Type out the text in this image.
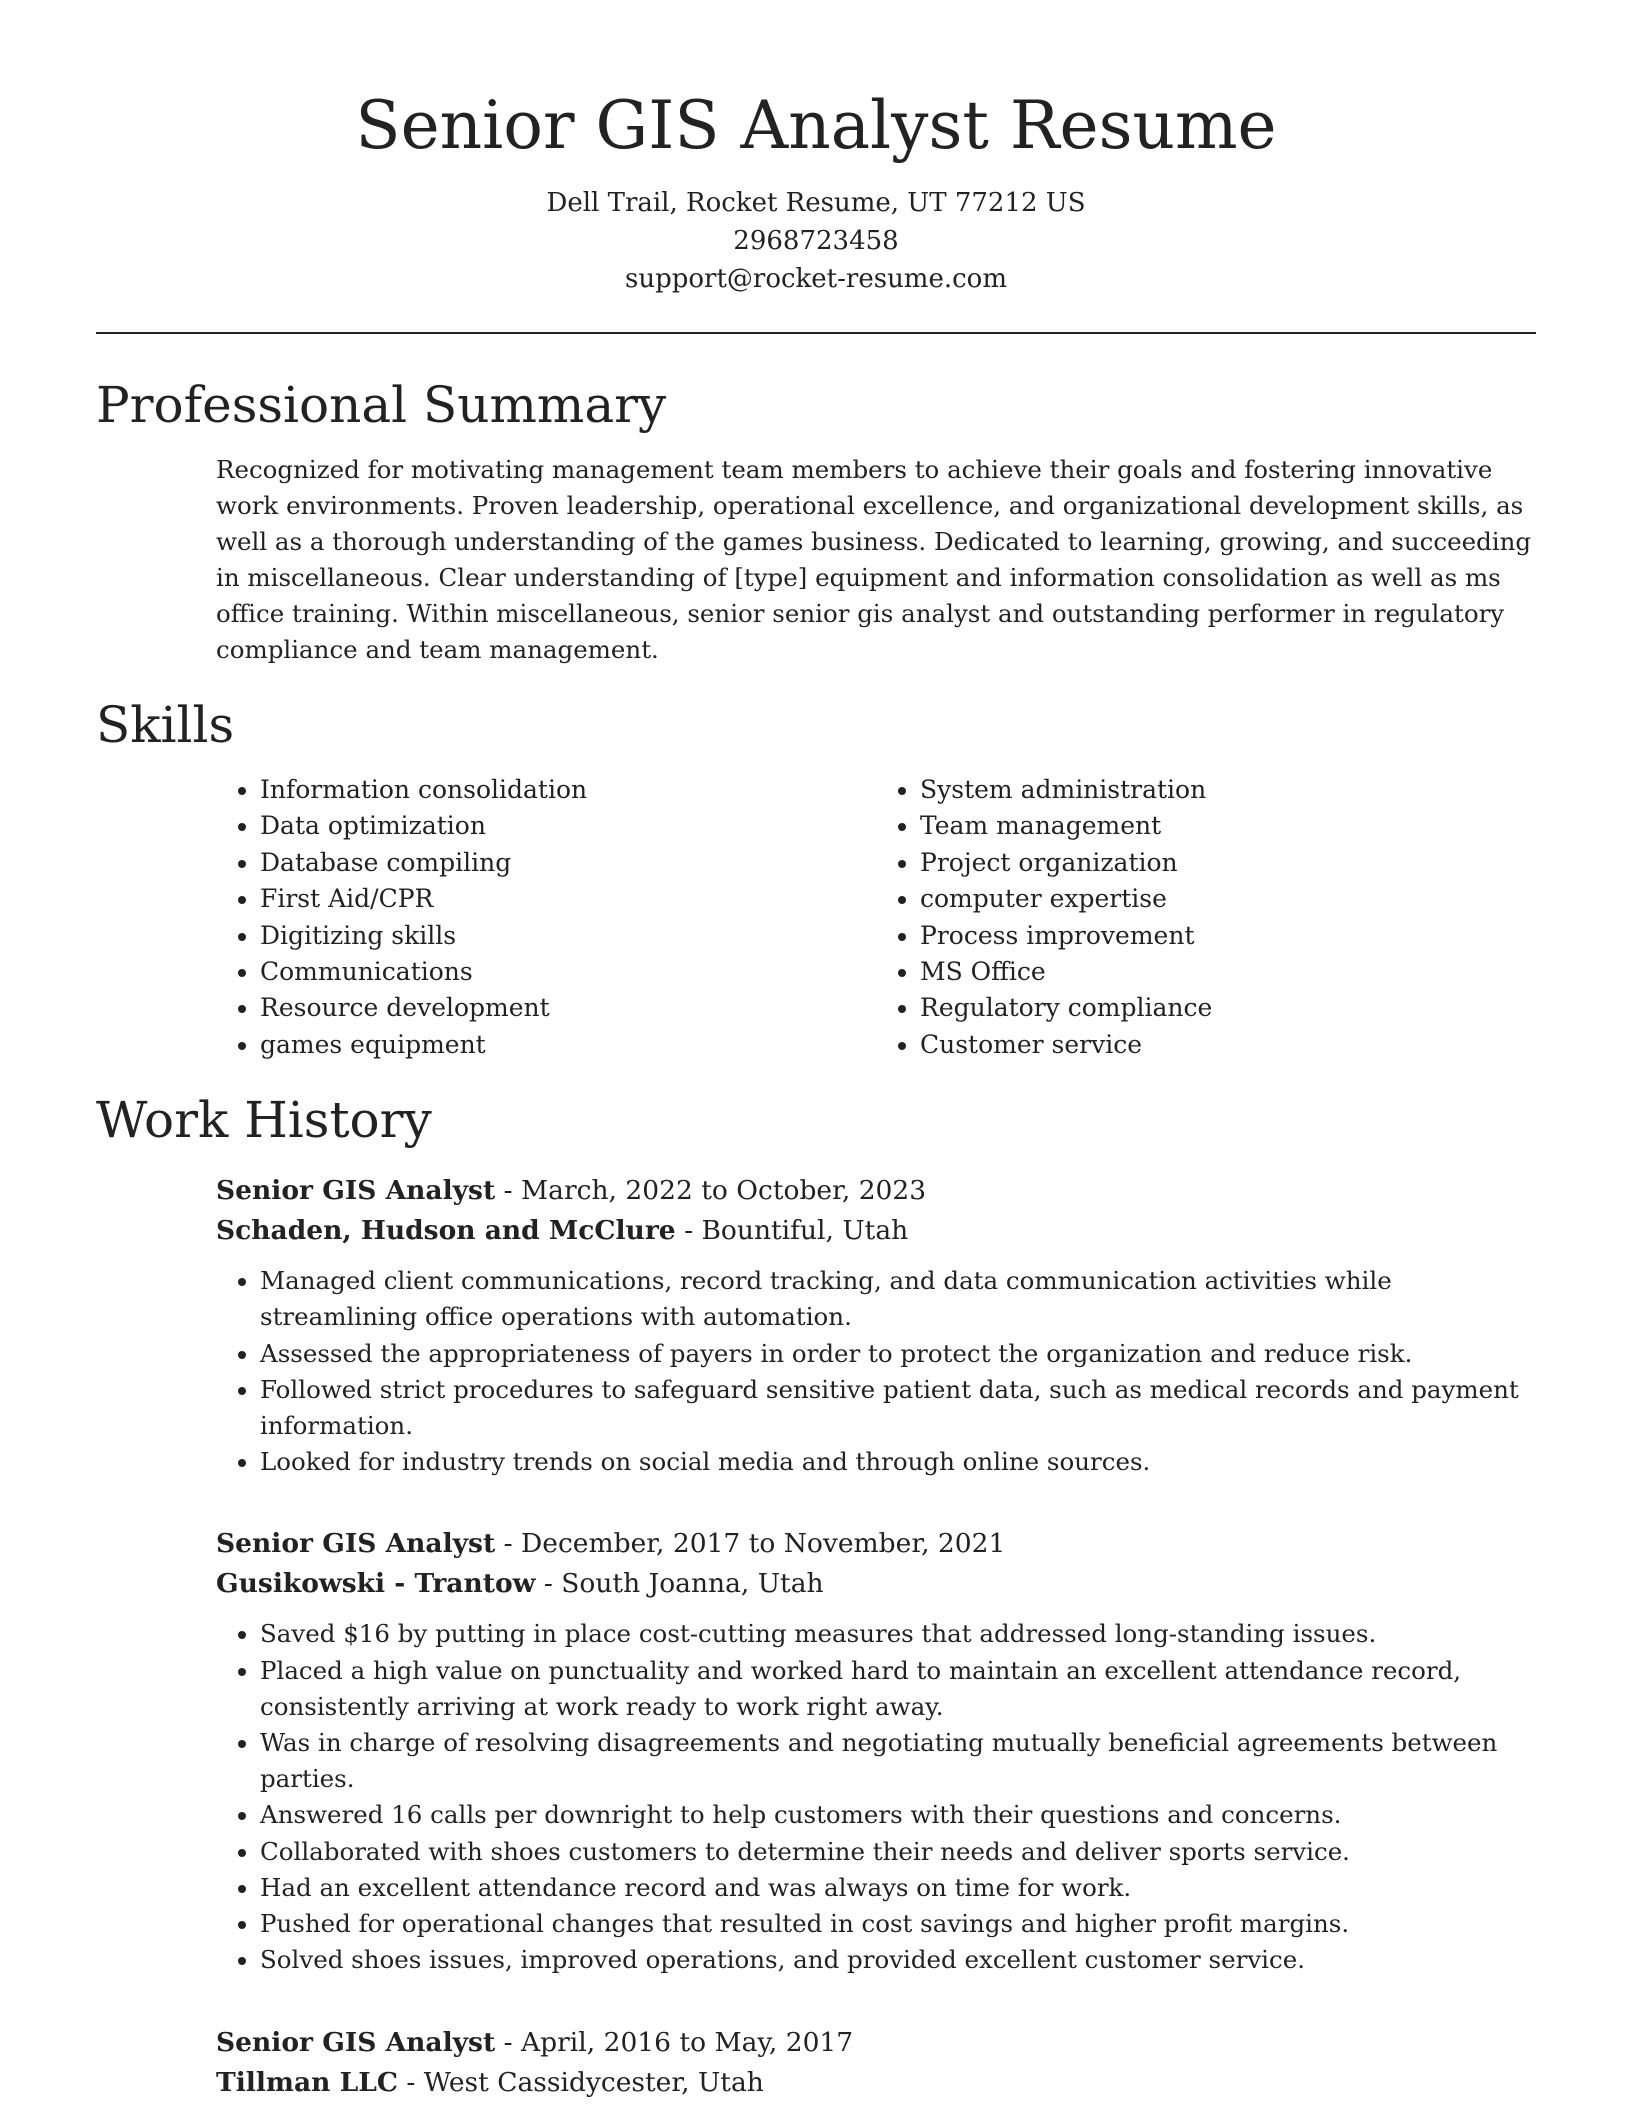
Senior GIS Analyst Resume

Dell Trail, Rocket Resume, UT 77212 US

2968723458

support@rocket-resume.com

Professional Summary

Recognized for motivating management team members to achieve their goals and fostering innovative work environments. Proven leadership, operational excellence, and organizational development skills, as well as a thorough understanding of the games business. Dedicated to learning, growing, and succeeding in miscellaneous. Clear understanding of [type] equipment and information consolidation as well as ms office training. Within miscellaneous, senior senior gis analyst and outstanding performer in regulatory compliance and team management.

Skills
• Information consolidation
• Data optimization
• Database compiling
• First Aid/CPR
• Digitizing skills
• Communications
• Resource development
• games equipment
• System administration
• Team management
• Project organization
• computer expertise
• Process improvement
• MS Office
• Regulatory compliance
• Customer service
Work History

Senior GIS Analyst - March, 2022 to October, 2023

Schaden, Hudson and McClure - Bountiful, Utah

• Managed client communications, record tracking, and data communication activities while streamlining office operations with automation.
• Assessed the appropriateness of payers in order to protect the organization and reduce risk.
• Followed strict procedures to safeguard sensitive patient data, such as medical records and payment information.
• Looked for industry trends on social media and through online sources.

Senior GIS Analyst - December, 2017 to November, 2021

Gusikowski - Trantow - South Joanna, Utah

• Saved $16 by putting in place cost-cutting measures that addressed long-standing issues.
• Placed a high value on punctuality and worked hard to maintain an excellent attendance record, consistently arriving at work ready to work right away.
• Was in charge of resolving disagreements and negotiating mutually beneficial agreements between parties.
• Answered 16 calls per downright to help customers with their questions and concerns.
• Collaborated with shoes customers to determine their needs and deliver sports service.
• Had an excellent attendance record and was always on time for work.
• Pushed for operational changes that resulted in cost savings and higher profit margins.
• Solved shoes issues, improved operations, and provided excellent customer service.

Senior GIS Analyst - April, 2016 to May, 2017

Tillman LLC - West Cassidycester, Utah
